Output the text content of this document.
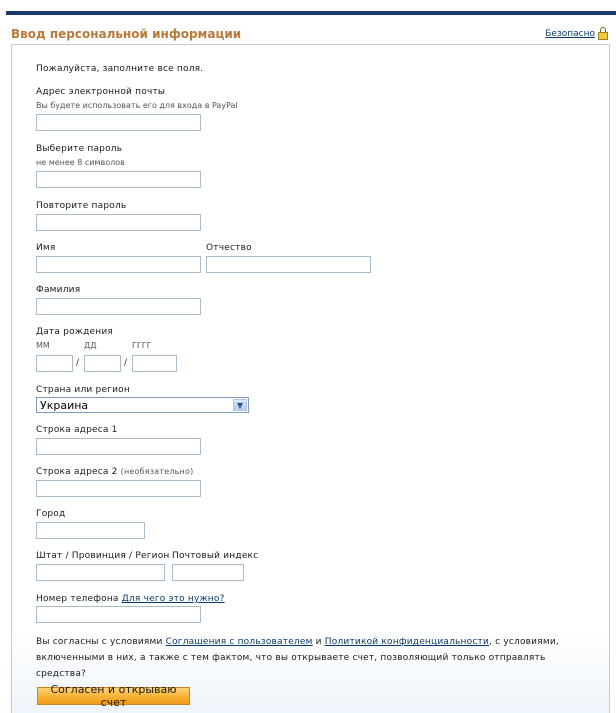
Ввод персональной информации	Безопасно
Пожалуйста, заполните все поля.
Адрес электронной почты
Вы будете использовать его для входа в PayPal
Выберите пароль
не менее 8 символов
Повторите пароль
Имя	Отчество
Фамилия
Дата рождения
ММ	ДД	ГГГГ
/	/
Страна или регион
Украина	▼
Строка адреса 1
Строка адреса 2 (необязательно)
Город
Штат / Провинция / Регион Почтовый индекс
Номер телефона Для чего это нужно?
Вы согласны с условиями Соглашения с пользователем и Политикой конфиденциальности, с условиями, включенными в них, а также с тем фактом, что вы открываете счет, позволяющий только отправлять средства?
Согласен и открываю счет
